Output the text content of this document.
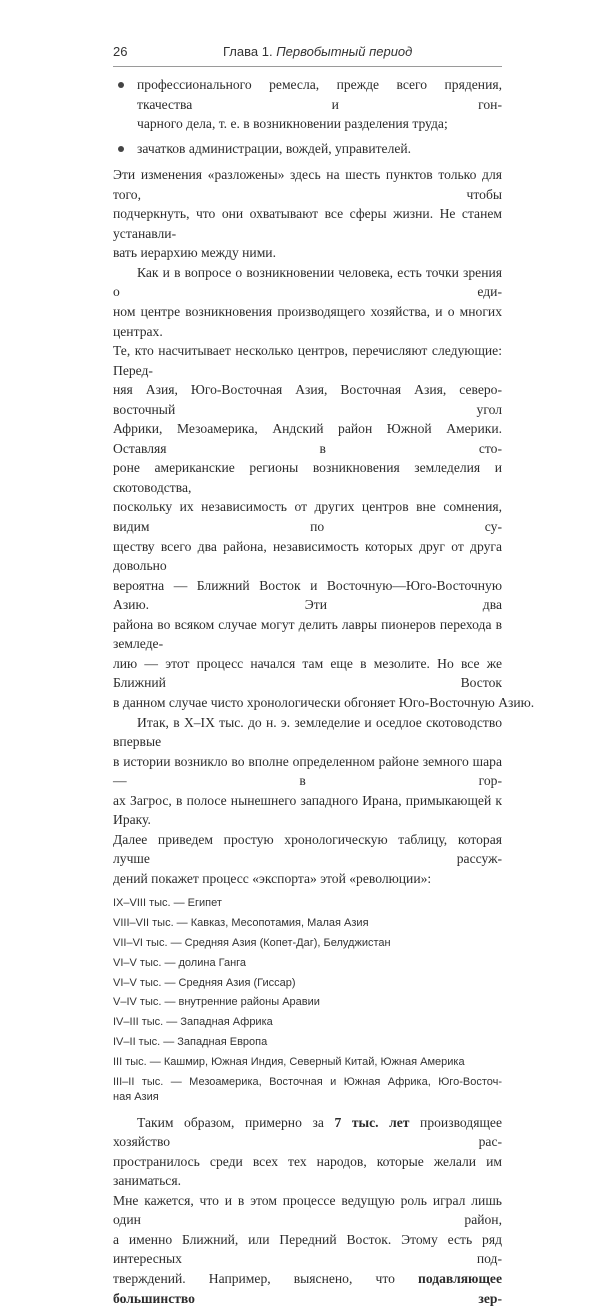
26	Глава 1. Первобытный период
профессионального ремесла, прежде всего прядения, ткачества и гон-
чарного дела, т. е. в возникновении разделения труда;
зачатков администрации, вождей, управителей.
Эти изменения «разложены» здесь на шесть пунктов только для того, чтобы
подчеркнуть, что они охватывают все сферы жизни. Не станем устанавли-
вать иерархию между ними.
Как и в вопросе о возникновении человека, есть точки зрения о еди-
ном центре возникновения производящего хозяйства, и о многих центрах.
Те, кто насчитывает несколько центров, перечисляют следующие: Перед-
няя Азия, Юго-Восточная Азия, Восточная Азия, северо-восточный угол
Африки, Мезоамерика, Андский район Южной Америки. Оставляя в сто-
роне американские регионы возникновения земледелия и скотоводства,
поскольку их независимость от других центров вне сомнения, видим по су-
ществу всего два района, независимость которых друг от друга довольно
вероятна — Ближний Восток и Восточную—Юго-Восточную Азию. Эти два
района во всяком случае могут делить лавры пионеров перехода в земледе-
лию — этот процесс начался там еще в мезолите. Но все же Ближний Восток
в данном случае чисто хронологически обгоняет Юго-Восточную Азию.
Итак, в X–IX тыс. до н. э. земледелие и оседлое скотоводство впервые
в истории возникло во вполне определенном районе земного шара — в гор-
ах Загрос, в полосе нынешнего западного Ирана, примыкающей к Ираку.
Далее приведем простую хронологическую таблицу, которая лучше рассуж-
дений покажет процесс «экспорта» этой «революции»:
IX–VIII тыс. — Египет
VIII–VII тыс. — Кавказ, Месопотамия, Малая Азия
VII–VI тыс. — Средняя Азия (Копет-Даг), Белуджистан
VI–V тыс. — долина Ганга
VI–V тыс. — Средняя Азия (Гиссар)
V–IV тыс. — внутренние районы Аравии
IV–III тыс. — Западная Африка
IV–II тыс. — Западная Европа
III тыс. — Кашмир, Южная Индия, Северный Китай, Южная Америка
III–II тыс. — Мезоамерика, Восточная и Южная Африка, Юго-Восточ-
ная Азия
Таким образом, примерно за 7 тыс. лет производящее хозяйство рас-
пространилось среди всех тех народов, которые желали им заниматься.
Мне кажется, что и в этом процессе ведущую роль играл лишь один район,
а именно Ближний, или Передний Восток. Этому есть ряд интересных под-
тверждений. Например, выяснено, что подавляющее большинство зер-
